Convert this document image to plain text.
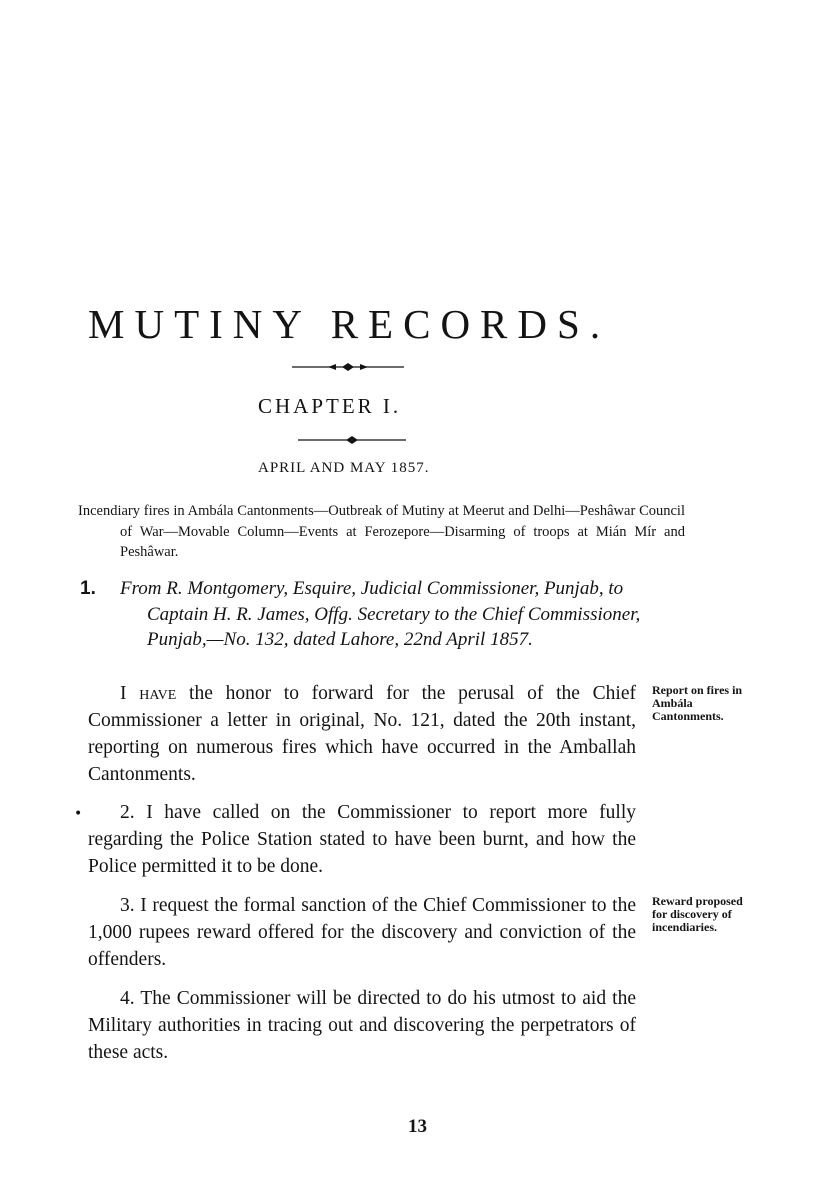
MUTINY RECORDS.
CHAPTER I.
APRIL AND MAY 1857.
Incendiary fires in Ambála Cantonments—Outbreak of Mutiny at Meerut and Delhi—Peshâwar Council of War—Movable Column—Events at Ferozepore—Disarming of troops at Mián Mír and Peshâwar.
1. From R. Montgomery, Esquire, Judicial Commissioner, Punjab, to Captain H. R. James, Offg. Secretary to the Chief Commissioner, Punjab,—No. 132, dated Lahore, 22nd April 1857.
I have the honor to forward for the perusal of the Chief Commissioner a letter in original, No. 121, dated the 20th instant, reporting on numerous fires which have occurred in the Amballah Cantonments.
Report on fires in Ambála Cantonments.
•	2. I have called on the Commissioner to report more fully regarding the Police Station stated to have been burnt, and how the Police permitted it to be done.
3. I request the formal sanction of the Chief Commissioner to the 1,000 rupees reward offered for the discovery and conviction of the offenders.
Reward proposed for discovery of incendiaries.
4. The Commissioner will be directed to do his utmost to aid the Military authorities in tracing out and discovering the perpetrators of these acts.
13
